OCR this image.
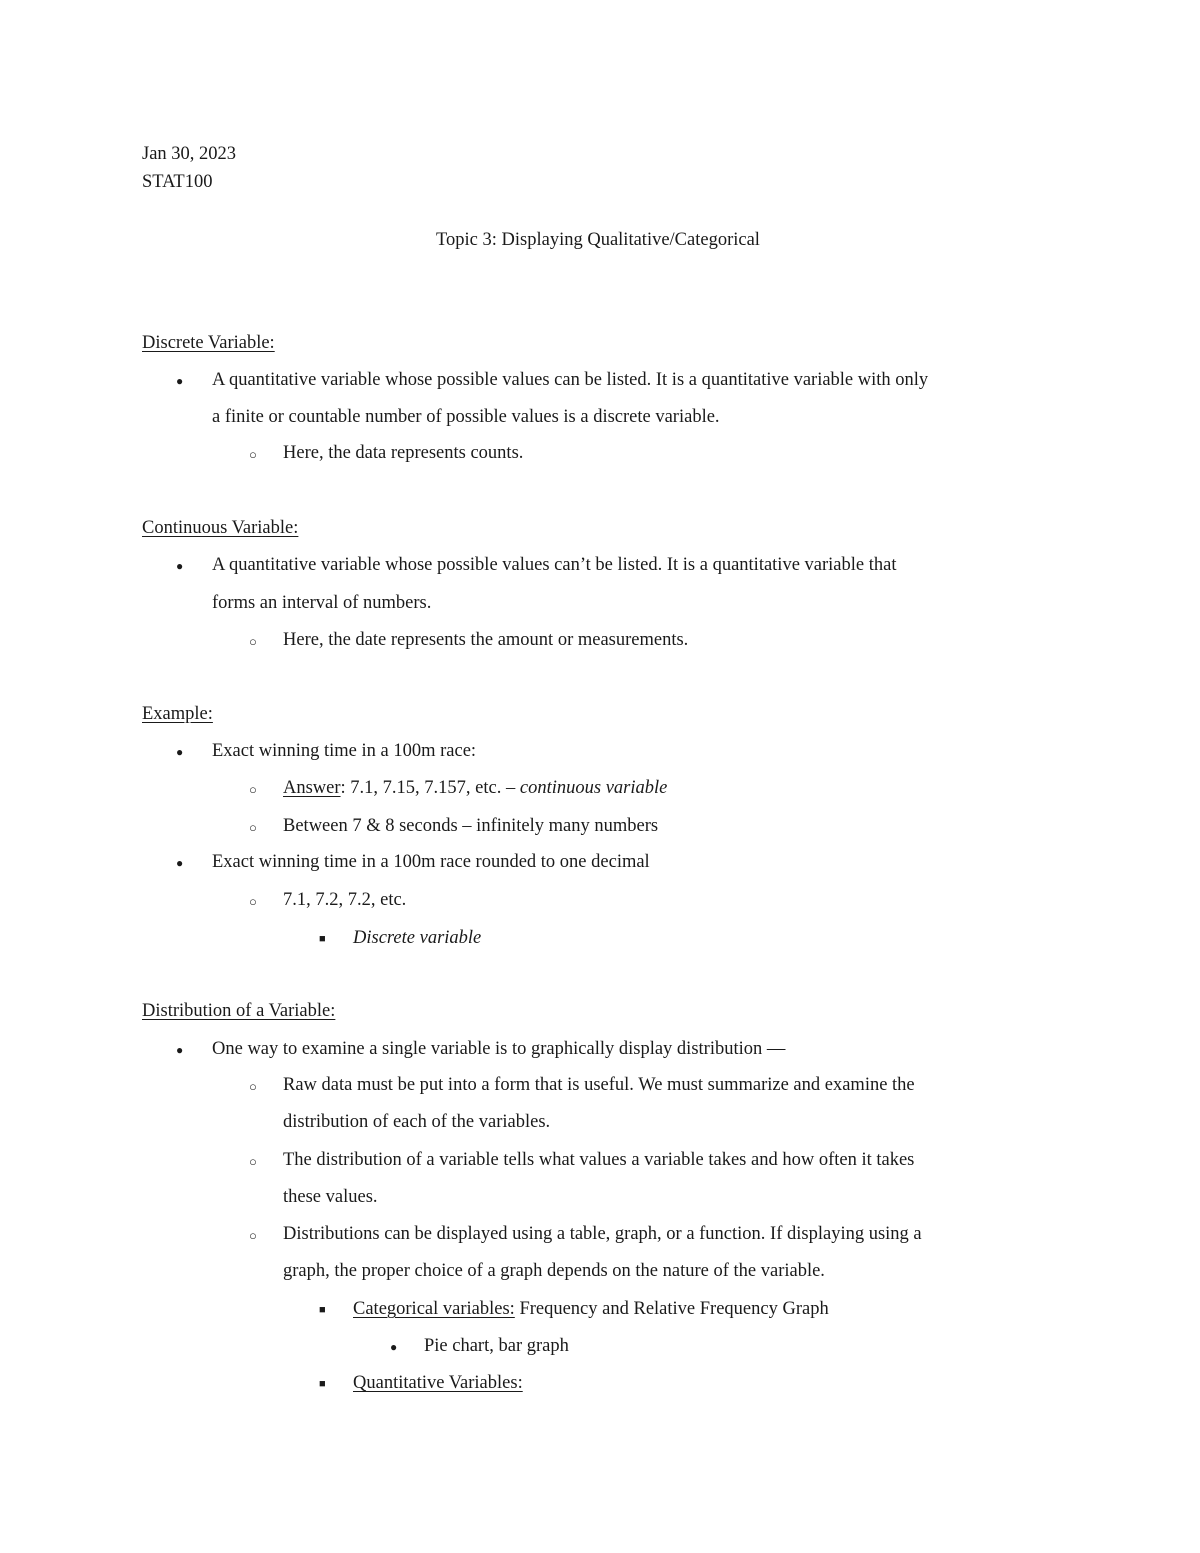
Jan 30, 2023
STAT100
Topic 3: Displaying Qualitative/Categorical
Discrete Variable:
● A quantitative variable whose possible values can be listed. It is a quantitative variable with only
a finite or countable number of possible values is a discrete variable.
○ Here, the data represents counts.
Continuous Variable:
● A quantitative variable whose possible values can’t be listed. It is a quantitative variable that
forms an interval of numbers.
○ Here, the date represents the amount or measurements.
Example:
● Exact winning time in a 100m race:
○ Answer: 7.1, 7.15, 7.157, etc. – continuous variable
○ Between 7 & 8 seconds – infinitely many numbers
● Exact winning time in a 100m race rounded to one decimal
○ 7.1, 7.2, 7.2, etc.
■ Discrete variable
Distribution of a Variable:
● One way to examine a single variable is to graphically display distribution —
○ Raw data must be put into a form that is useful. We must summarize and examine the
distribution of each of the variables.
○ The distribution of a variable tells what values a variable takes and how often it takes
these values.
○ Distributions can be displayed using a table, graph, or a function. If displaying using a
graph, the proper choice of a graph depends on the nature of the variable.
■ Categorical variables: Frequency and Relative Frequency Graph
● Pie chart, bar graph
■ Quantitative Variables:
